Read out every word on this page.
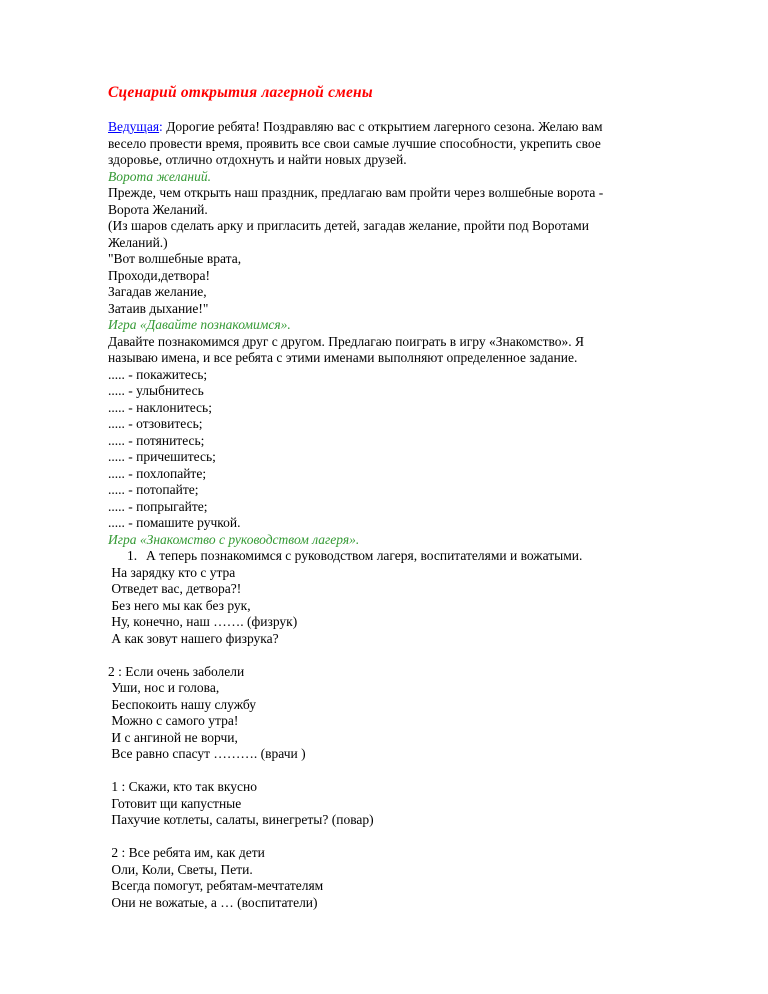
Сценарий открытия лагерной смены
Ведущая: Дорогие ребята! Поздравляю вас с открытием лагерного сезона. Желаю вам
весело провести время, проявить все свои самые лучшие способности, укрепить свое
здоровье, отлично отдохнуть и найти новых друзей.
Ворота желаний.
Прежде, чем открыть наш праздник, предлагаю вам пройти через волшебные ворота -
Ворота Желаний.
(Из шаров сделать арку и пригласить детей, загадав желание, пройти под Воротами
Желаний.)
"Вот волшебные врата,
Проходи,детвора!
Загадав желание,
Затаив дыхание!"
Игра «Давайте познакомимся».
Давайте познакомимся друг с другом. Предлагаю поиграть в игру «Знакомство». Я
называю имена, и все ребята с этими именами выполняют определенное задание.
..... - покажитесь;
..... - улыбнитесь
..... - наклонитесь;
..... - отзовитесь;
..... - потянитесь;
..... - причешитесь;
..... - похлопайте;
..... - потопайте;
..... - попрыгайте;
..... - помашите ручкой.
Игра «Знакомство с руководством лагеря».
1. А теперь познакомимся с руководством лагеря, воспитателями и вожатыми.
На зарядку кто с утра
Отведет вас, детвора?!
Без него мы как без рук,
Ну, конечно, наш ……. (физрук)
А как зовут нашего физрука?

2 : Если очень заболели
Уши, нос и голова,
Беспокоить нашу службу
Можно с самого утра!
И с ангиной не ворчи,
Все равно спасут ………. (врачи )

1 : Скажи, кто так вкусно
Готовит щи капустные
Пахучие котлеты, салаты, винегреты? (повар)

2 : Все ребята им, как дети
Оли, Коли, Светы, Пети.
Всегда помогут, ребятам-мечтателям
Они не вожатые, а … (воспитатели)
